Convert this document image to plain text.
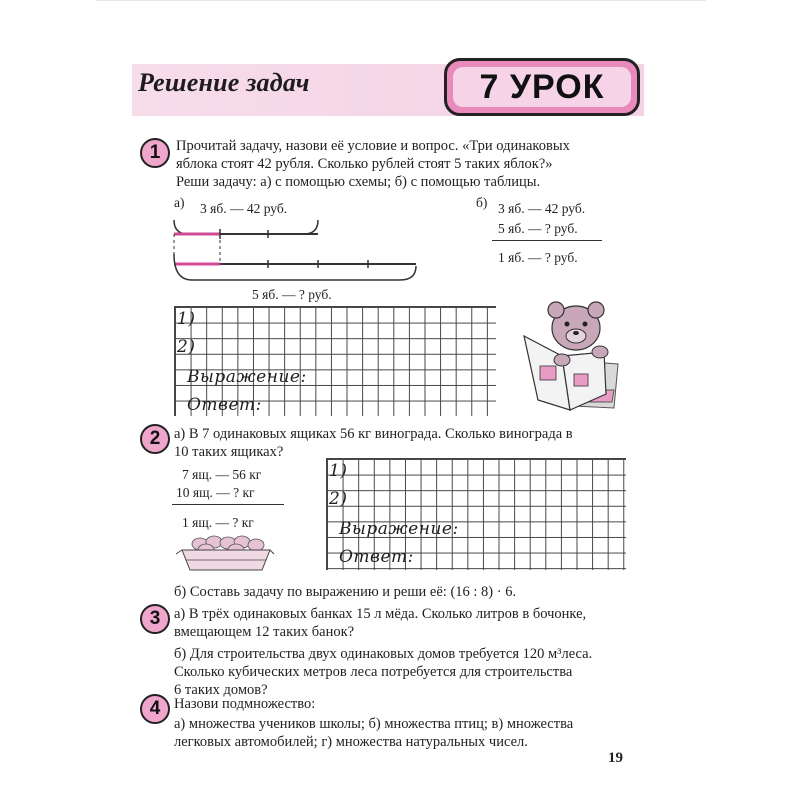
Решение задач	7 УРОК
1	Прочитай задачу, назови её условие и вопрос. «Три одинаковых
яблока стоят 42 рубля. Сколько рублей стоят 5 таких яблок?»
Реши задачу: а) с помощью схемы; б) с помощью таблицы.
а) 3 яб. — 42 руб.	б)
5 яб. — ? руб.
3 яб. — 42 руб.
5 яб. — ? руб.
1 яб. — ? руб.
1)
2)
Выражение:
Ответ:
2 а) В 7 одинаковых ящиках 56 кг винограда. Сколько винограда в
10 таких ящиках?
7 ящ. — 56 кг
10 ящ. — ? кг
1 ящ. — ? кг
1)
2)
Выражение:
Ответ:
б) Составь задачу по выражению и реши её: (16 : 8) · 6.
3 а) В трёх одинаковых банках 15 л мёда. Сколько литров в бочонке,
вмещающем 12 таких банок?
б) Для строительства двух одинаковых домов требуется 120 м³леса.
Сколько кубических метров леса потребуется для строительства
6 таких домов?
4 Назови подмножество:
а) множества учеников школы; б) множества птиц; в) множества
легковых автомобилей; г) множества натуральных чисел.
19
